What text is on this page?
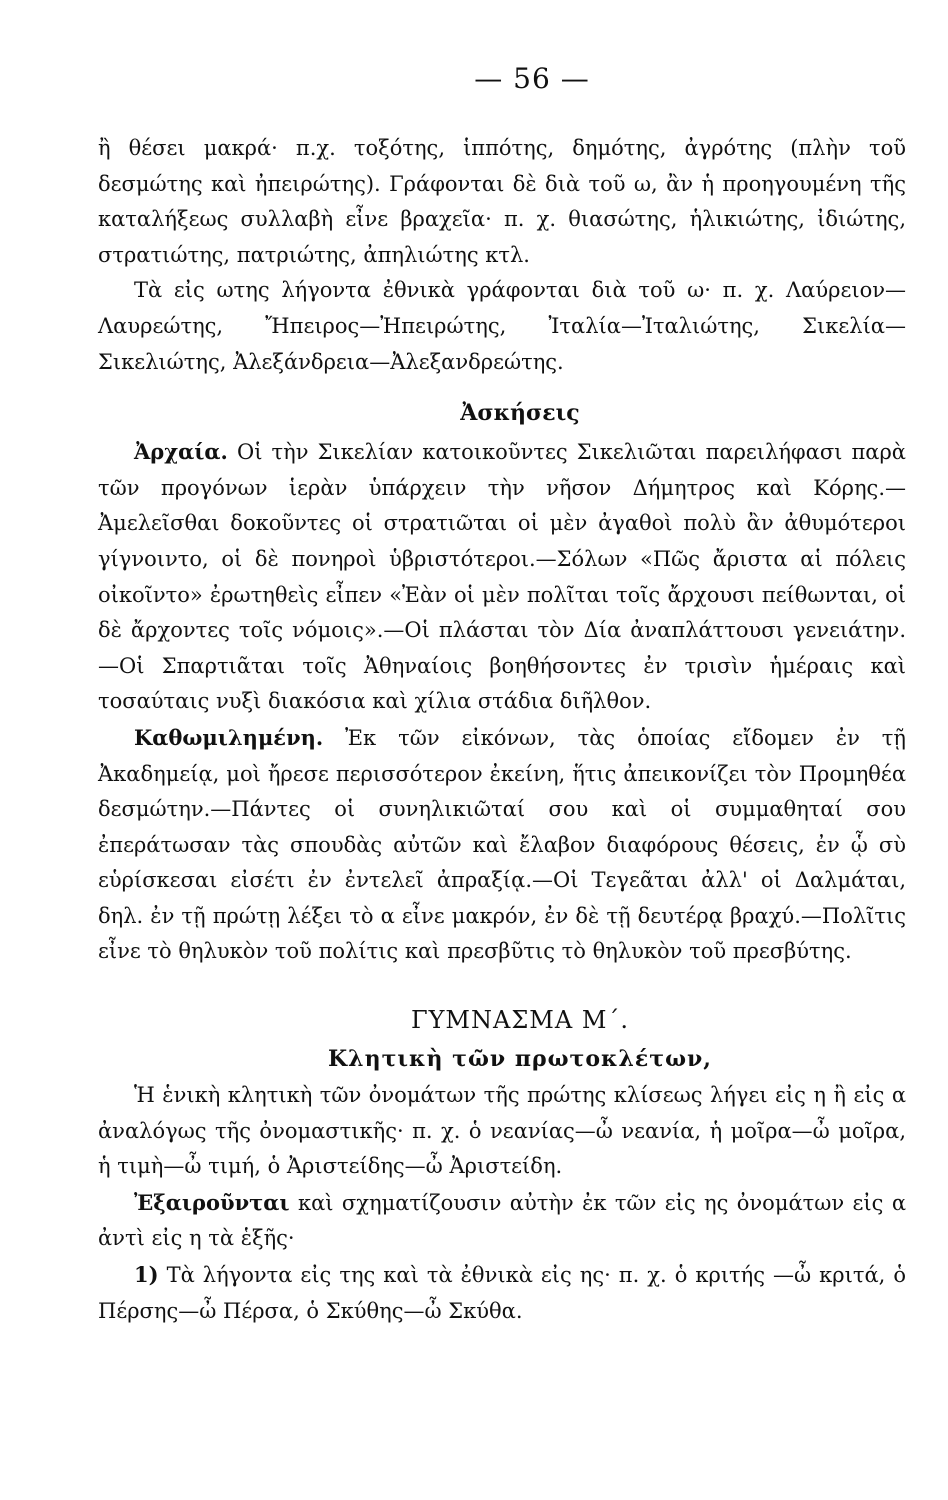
— 56 —

ἢ θέσει μακρά· π.χ. τοξότης, ἱππότης, δημότης, ἀγρότης (πλὴν τοῦ δεσμώτης καὶ ἠπειρώτης). Γράφονται δὲ διὰ τοῦ ω, ἂν ἡ προηγουμένη τῆς καταλήξεως συλλαβὴ εἶνε βραχεῖα· π. χ. θιασώτης, ἡλικιώτης, ἰδιώτης, στρατιώτης, πατριώτης, ἀπηλιώτης κτλ.

Τὰ εἰς ωτης λήγοντα ἐθνικὰ γράφονται διὰ τοῦ ω· π. χ. Λαύρειον—Λαυρεώτης, Ἤπειρος—Ἠπειρώτης, Ἰταλία—Ἰταλιώτης, Σικελία—Σικελιώτης, Ἀλεξάνδρεια—Ἀλεξανδρεώτης.

Ἀσκήσεις

Ἀρχαία. Οἱ τὴν Σικελίαν κατοικοῦντες Σικελιῶται παρειλήφασι παρὰ τῶν προγόνων ἱερὰν ὑπάρχειν τὴν νῆσον Δήμητρος καὶ Κόρης.—Ἀμελεῖσθαι δοκοῦντες οἱ στρατιῶται οἱ μὲν ἀγαθοὶ πολὺ ἂν ἀθυμότεροι γίγνοιντο, οἱ δὲ πονηροὶ ὑβριστότεροι.—Σόλων «Πῶς ἄριστα αἱ πόλεις οἰκοῖντο» ἐρωτηθεὶς εἶπεν «Ἐὰν οἱ μὲν πολῖται τοῖς ἄρχουσι πείθωνται, οἱ δὲ ἄρχοντες τοῖς νόμοις».—Οἱ πλάσται τὸν Δία ἀναπλάττουσι γενειάτην.—Οἱ Σπαρτιᾶται τοῖς Ἀθηναίοις βοηθήσοντες ἐν τρισὶν ἡμέραις καὶ τοσαύταις νυξὶ διακόσια καὶ χίλια στάδια διῆλθον.

Καθωμιλημένη. Ἐκ τῶν εἰκόνων, τὰς ὁποίας εἴδομεν ἐν τῇ Ἀκαδημείᾳ, μοὶ ἤρεσε περισσότερον ἐκείνη, ἥτις ἀπεικονίζει τὸν Προμηθέα δεσμώτην.—Πάντες οἱ συνηλικιῶταί σου καὶ οἱ συμμαθηταί σου ἐπεράτωσαν τὰς σπουδὰς αὐτῶν καὶ ἔλαβον διαφόρους θέσεις, ἐν ᾧ σὺ εὑρίσκεσαι εἰσέτι ἐν ἐντελεῖ ἀπραξίᾳ.—Οἱ Τεγεᾶται ἀλλ' οἱ Δαλμάται, δηλ. ἐν τῇ πρώτῃ λέξει τὸ α εἶνε μακρόν, ἐν δὲ τῇ δευτέρᾳ βραχύ.—Πολῖτις εἶνε τὸ θηλυκὸν τοῦ πολίτις καὶ πρεσβῦτις τὸ θηλυκὸν τοῦ πρεσβύτης.

ΓΥΜΝΑΣΜΑ Μ΄.
Κλητικὴ τῶν πρωτοκλέτων,

Ἡ ἑνικὴ κλητικὴ τῶν ὀνομάτων τῆς πρώτης κλίσεως λήγει εἰς η ἢ εἰς α ἀναλόγως τῆς ὀνομαστικῆς· π. χ. ὁ νεανίας—ὦ νεανία, ἡ μοῖρα—ὦ μοῖρα, ἡ τιμὴ—ὦ τιμή, ὁ Ἀριστείδης—ὦ Ἀριστείδη.

Ἐξαιροῦνται καὶ σχηματίζουσιν αὐτὴν ἐκ τῶν εἰς ης ὀνομάτων εἰς α ἀντὶ εἰς η τὰ ἑξῆς·

1) Τὰ λήγοντα εἰς της καὶ τὰ ἐθνικὰ εἰς ης· π. χ. ὁ κριτής —ὦ κριτά, ὁ Πέρσης—ὦ Πέρσα, ὁ Σκύθης—ὦ Σκύθα.
